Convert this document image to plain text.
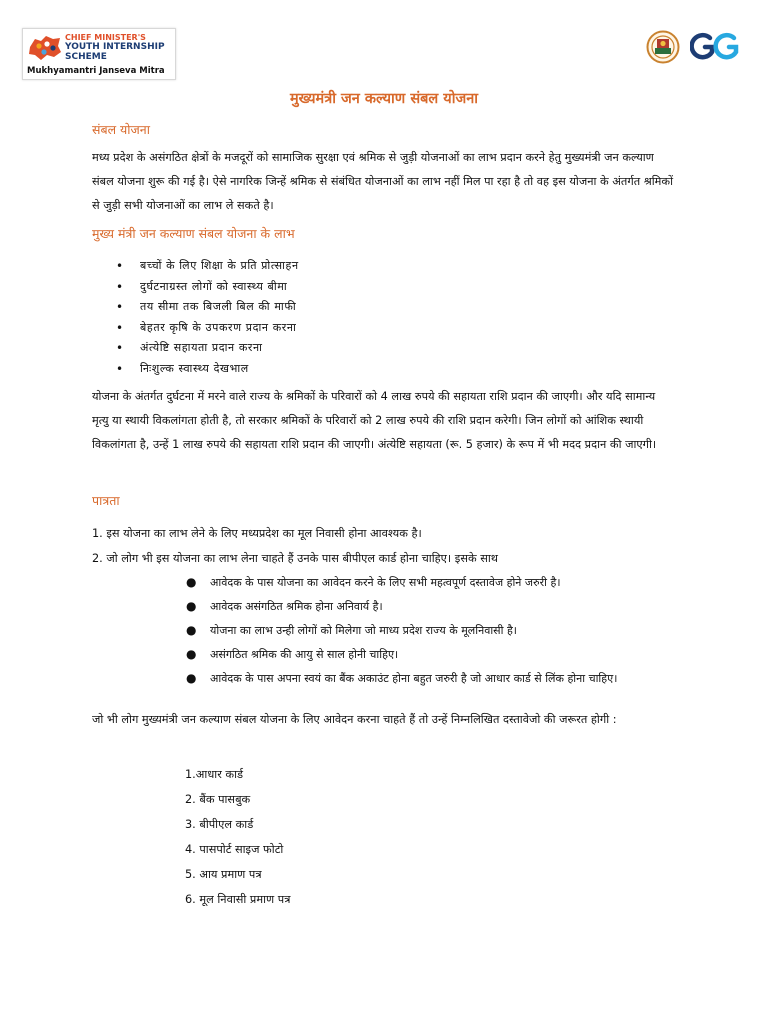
CHIEF MINISTER'S
YOUTH INTERNSHIP
SCHEME
Mukhyamantri Janseva Mitra
मुख्यमंत्री जन कल्याण संबल योजना
संबल योजना

मध्य प्रदेश के असंगठित क्षेत्रों के मजदूरों को सामाजिक सुरक्षा एवं श्रमिक से जुड़ी योजनाओं का लाभ प्रदान करने हेतु मुख्यमंत्री जन कल्याण संबल योजना शुरू की गई है। ऐसे नागरिक जिन्हें श्रमिक से संबंधित योजनाओं का लाभ नहीं मिल पा रहा है तो वह इस योजना के अंतर्गत श्रमिकों से जुड़ी सभी योजनाओं का लाभ ले सकते है।

मुख्य मंत्री जन कल्याण संबल योजना के लाभ
• बच्चों के लिए शिक्षा के प्रति प्रोत्साहन
• दुर्घटनाग्रस्त लोगों को स्वास्थ्य बीमा
• तय सीमा तक बिजली बिल की माफी
• बेहतर कृषि के उपकरण प्रदान करना
• अंत्येष्टि सहायता प्रदान करना
• निःशुल्क स्वास्थ्य देखभाल

योजना के अंतर्गत दुर्घटना में मरने वाले राज्य के श्रमिकों के परिवारों को 4 लाख रुपये की सहायता राशि प्रदान की जाएगी। और यदि सामान्य मृत्यु या स्थायी विकलांगता होती है, तो सरकार श्रमिकों के परिवारों को 2 लाख रुपये की राशि प्रदान करेगी। जिन लोगों को आंशिक स्थायी विकलांगता है, उन्हें 1 लाख रुपये की सहायता राशि प्रदान की जाएगी। अंत्येष्टि सहायता (रू. 5 हजार) के रूप में भी मदद प्रदान की जाएगी।

पात्रता
1. इस योजना का लाभ लेने के लिए मध्यप्रदेश का मूल निवासी होना आवश्यक है।
2. जो लोग भी इस योजना का लाभ लेना चाहते हैं उनके पास बीपीएल कार्ड होना चाहिए। इसके साथ
● आवेदक के पास योजना का आवेदन करने के लिए सभी महत्वपूर्ण दस्तावेज होने जरुरी है।
● आवेदक असंगठित श्रमिक होना अनिवार्य है।
● योजना का लाभ उन्ही लोगों को मिलेगा जो माध्य प्रदेश राज्य के मूलनिवासी है।
● असंगठित श्रमिक की आयु से साल होनी चाहिए।
● आवेदक के पास अपना स्वयं का बैंक अकाउंट होना बहुत जरुरी है जो आधार कार्ड से लिंक होना चाहिए।

जो भी लोग मुख्यमंत्री जन कल्याण संबल योजना के लिए आवेदन करना चाहते हैं तो उन्हें निम्नलिखित दस्तावेजो की जरूरत होगी :

1.आधार कार्ड
2. बैंक पासबुक
3. बीपीएल कार्ड
4. पासपोर्ट साइज फोटो
5. आय प्रमाण पत्र
6. मूल निवासी प्रमाण पत्र
